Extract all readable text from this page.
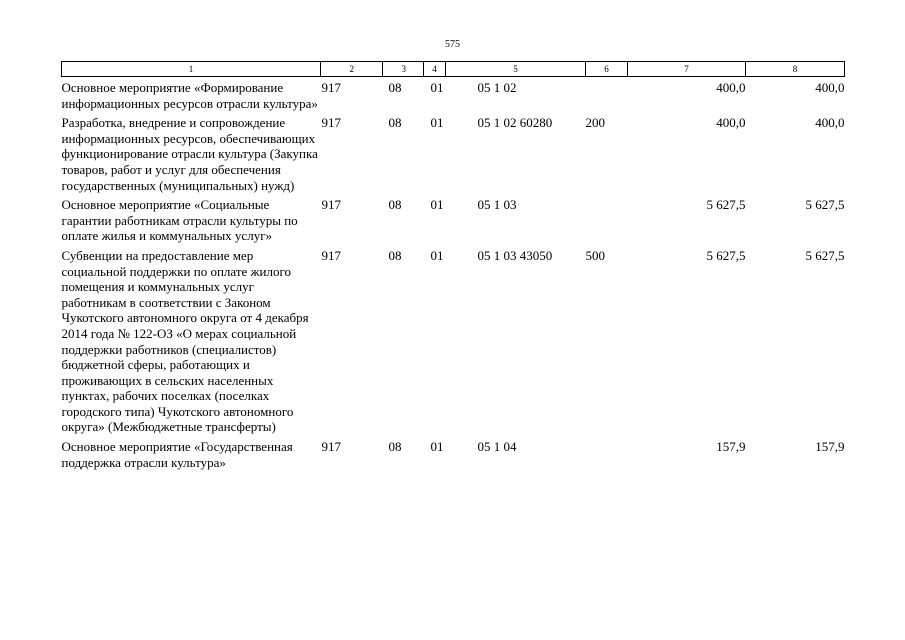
575
1	2	3	4	5	6	7	8
Основное мероприятие «Формирование информационных ресурсов отрасли культура»	917	08	01	05 1 02		400,0	400,0
Разработка, внедрение и сопровождение информационных ресурсов, обеспечивающих функционирование отрасли культура (Закупка товаров, работ и услуг для обеспечения государственных (муниципальных) нужд)	917	08	01	05 1 02 60280	200	400,0	400,0
Основное мероприятие «Социальные гарантии работникам отрасли культуры по оплате жилья и коммунальных услуг»	917	08	01	05 1 03		5 627,5	5 627,5
Субвенции на предоставление мер социальной поддержки по оплате жилого помещения и коммунальных услуг работникам в соответствии с Законом Чукотского автономного округа от 4 декабря 2014 года № 122-ОЗ «О мерах социальной поддержки работников (специалистов) бюджетной сферы, работающих и проживающих в сельских населенных пунктах, рабочих поселках (поселках городского типа) Чукотского автономного округа» (Межбюджетные трансферты)	917	08	01	05 1 03 43050	500	5 627,5	5 627,5
Основное мероприятие «Государственная поддержка отрасли культура»	917	08	01	05 1 04		157,9	157,9
